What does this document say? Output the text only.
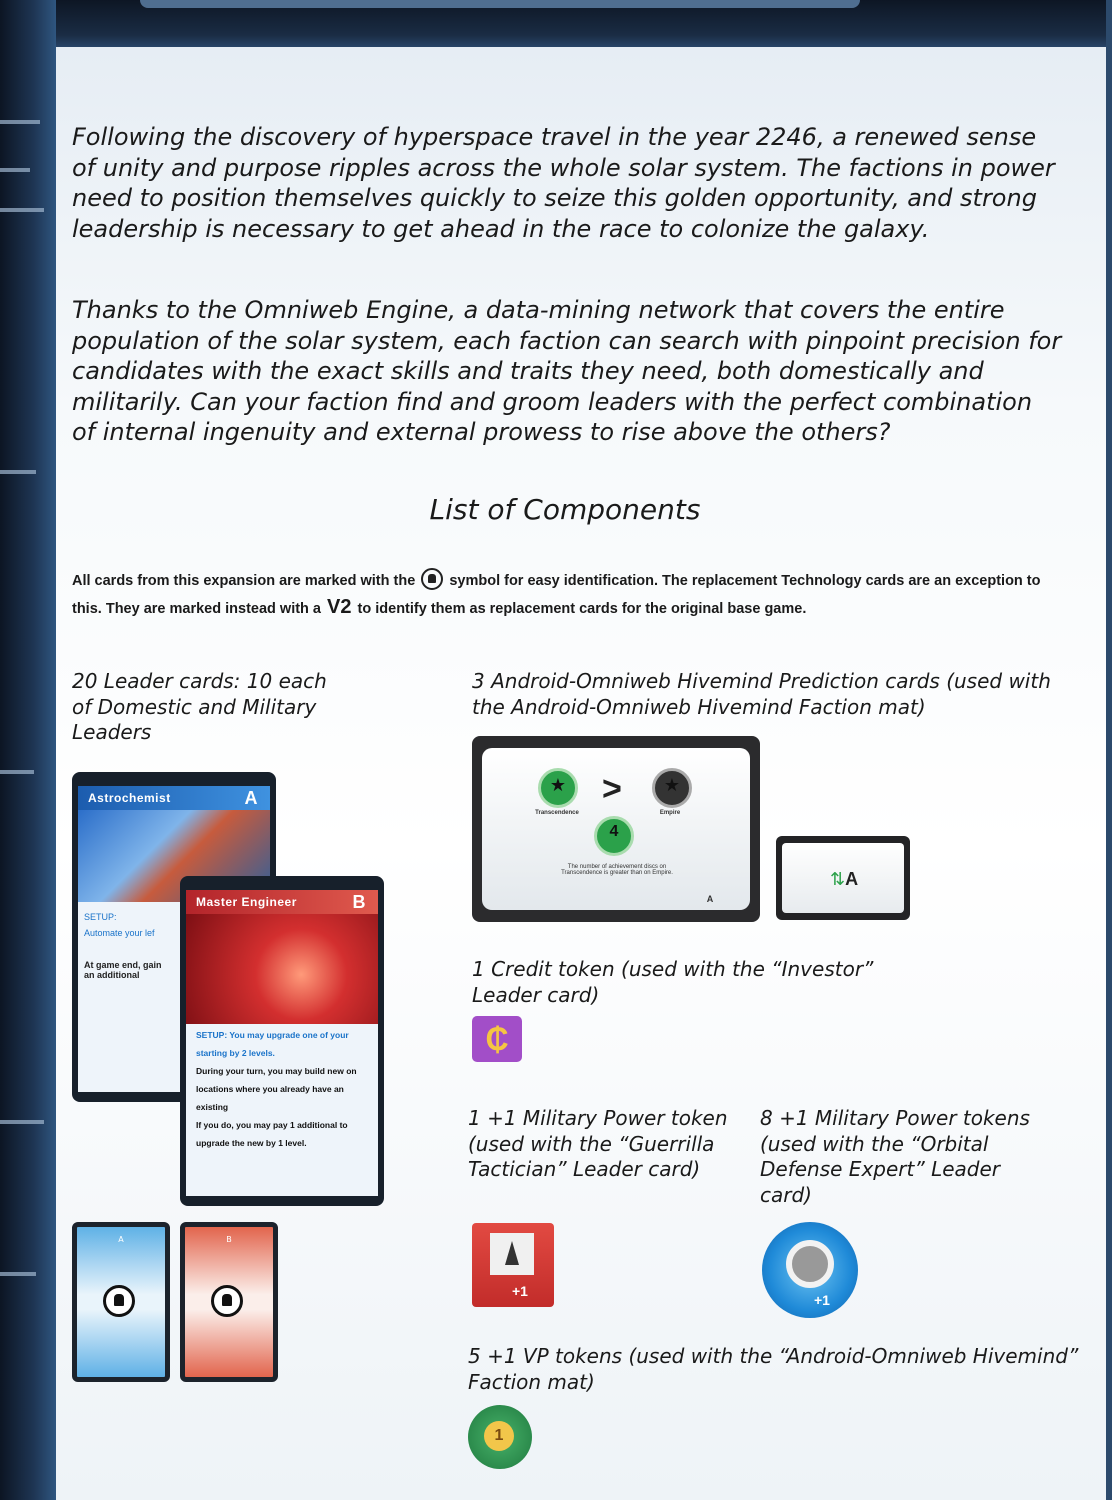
Following the discovery of hyperspace travel in the year 2246, a renewed sense of unity and purpose ripples across the whole solar system. The factions in power need to position themselves quickly to seize this golden opportunity, and strong leadership is necessary to get ahead in the race to colonize the galaxy.

Thanks to the Omniweb Engine, a data-mining network that covers the entire population of the solar system, each faction can search with pinpoint precision for candidates with the exact skills and traits they need, both domestically and militarily. Can your faction find and groom leaders with the perfect combination of internal ingenuity and external prowess to rise above the others?

List of Components

All cards from this expansion are marked with the symbol for easy identification. The replacement Technology cards are an exception to this. They are marked instead with a V2 to identify them as replacement cards for the original base game.

20 Leader cards: 10 each of Domestic and Military Leaders

3 Android-Omniweb Hivemind Prediction cards (used with the Android-Omniweb Hivemind Faction mat)

Astrochemist	A
SETUP:
Automate your lef
At game end, gain an additional
Master Engineer	B
SETUP: You may upgrade one of your starting by 2 levels.
During your turn, you may build new on locations where you already have an existing
If you do, you may pay 1 additional to upgrade the new by 1 level.
A	B
★ >	★
Transcendence	Empire
4
The number of achievement discs on Transcendence is greater than on Empire.
A
⇅A

1 Credit token (used with the “Investor” Leader card)

₵

1 +1 Military Power token (used with the “Guerrilla Tactician” Leader card)

8 +1 Military Power tokens (used with the “Orbital Defense Expert” Leader card)

+1
+1

5 +1 VP tokens (used with the “Android-Omniweb Hivemind” Faction mat)

1
